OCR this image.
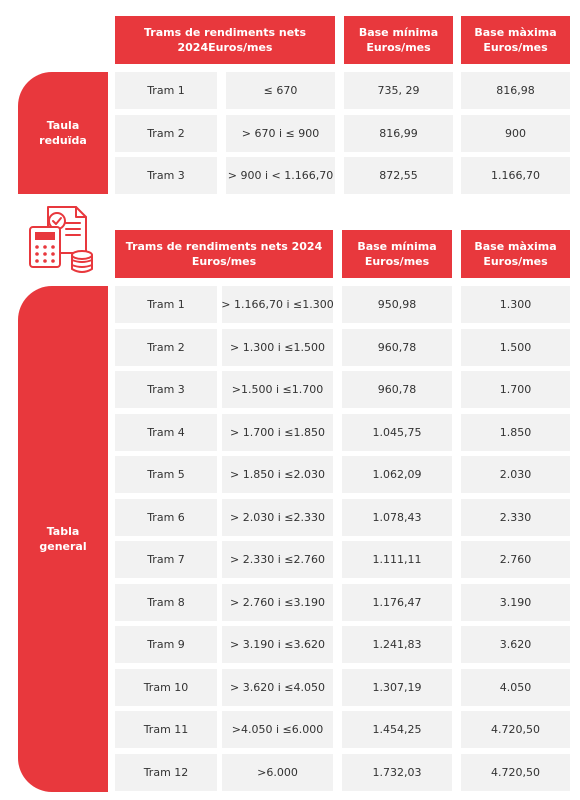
Taula
reduïda
Trams de rendiments nets
2024Euros/mes
Base mínima
Euros/mes
Base màxima
Euros/mes
Tram 1	≤ 670	735, 29	816,98
Tram 2	> 670 i ≤ 900	816,99	900
Tram 3	> 900 i < 1.166,70	872,55	1.166,70
Tabla
general
Trams de rendiments nets 2024
Euros/mes
Base mínima
Euros/mes
Base màxima
Euros/mes
Tram 1	> 1.166,70 i ≤1.300	950,98	1.300
Tram 2	> 1.300 i ≤1.500	960,78	1.500
Tram 3	>1.500 i ≤1.700	960,78	1.700
Tram 4	> 1.700 i ≤1.850	1.045,75	1.850
Tram 5	> 1.850 i ≤2.030	1.062,09	2.030
Tram 6	> 2.030 i ≤2.330	1.078,43	2.330
Tram 7	> 2.330 i ≤2.760	1.111,11	2.760
Tram 8	> 2.760 i ≤3.190	1.176,47	3.190
Tram 9	> 3.190 i ≤3.620	1.241,83	3.620
Tram 10	> 3.620 i ≤4.050	1.307,19	4.050
Tram 11	>4.050 i ≤6.000	1.454,25	4.720,50
Tram 12	>6.000	1.732,03	4.720,50
